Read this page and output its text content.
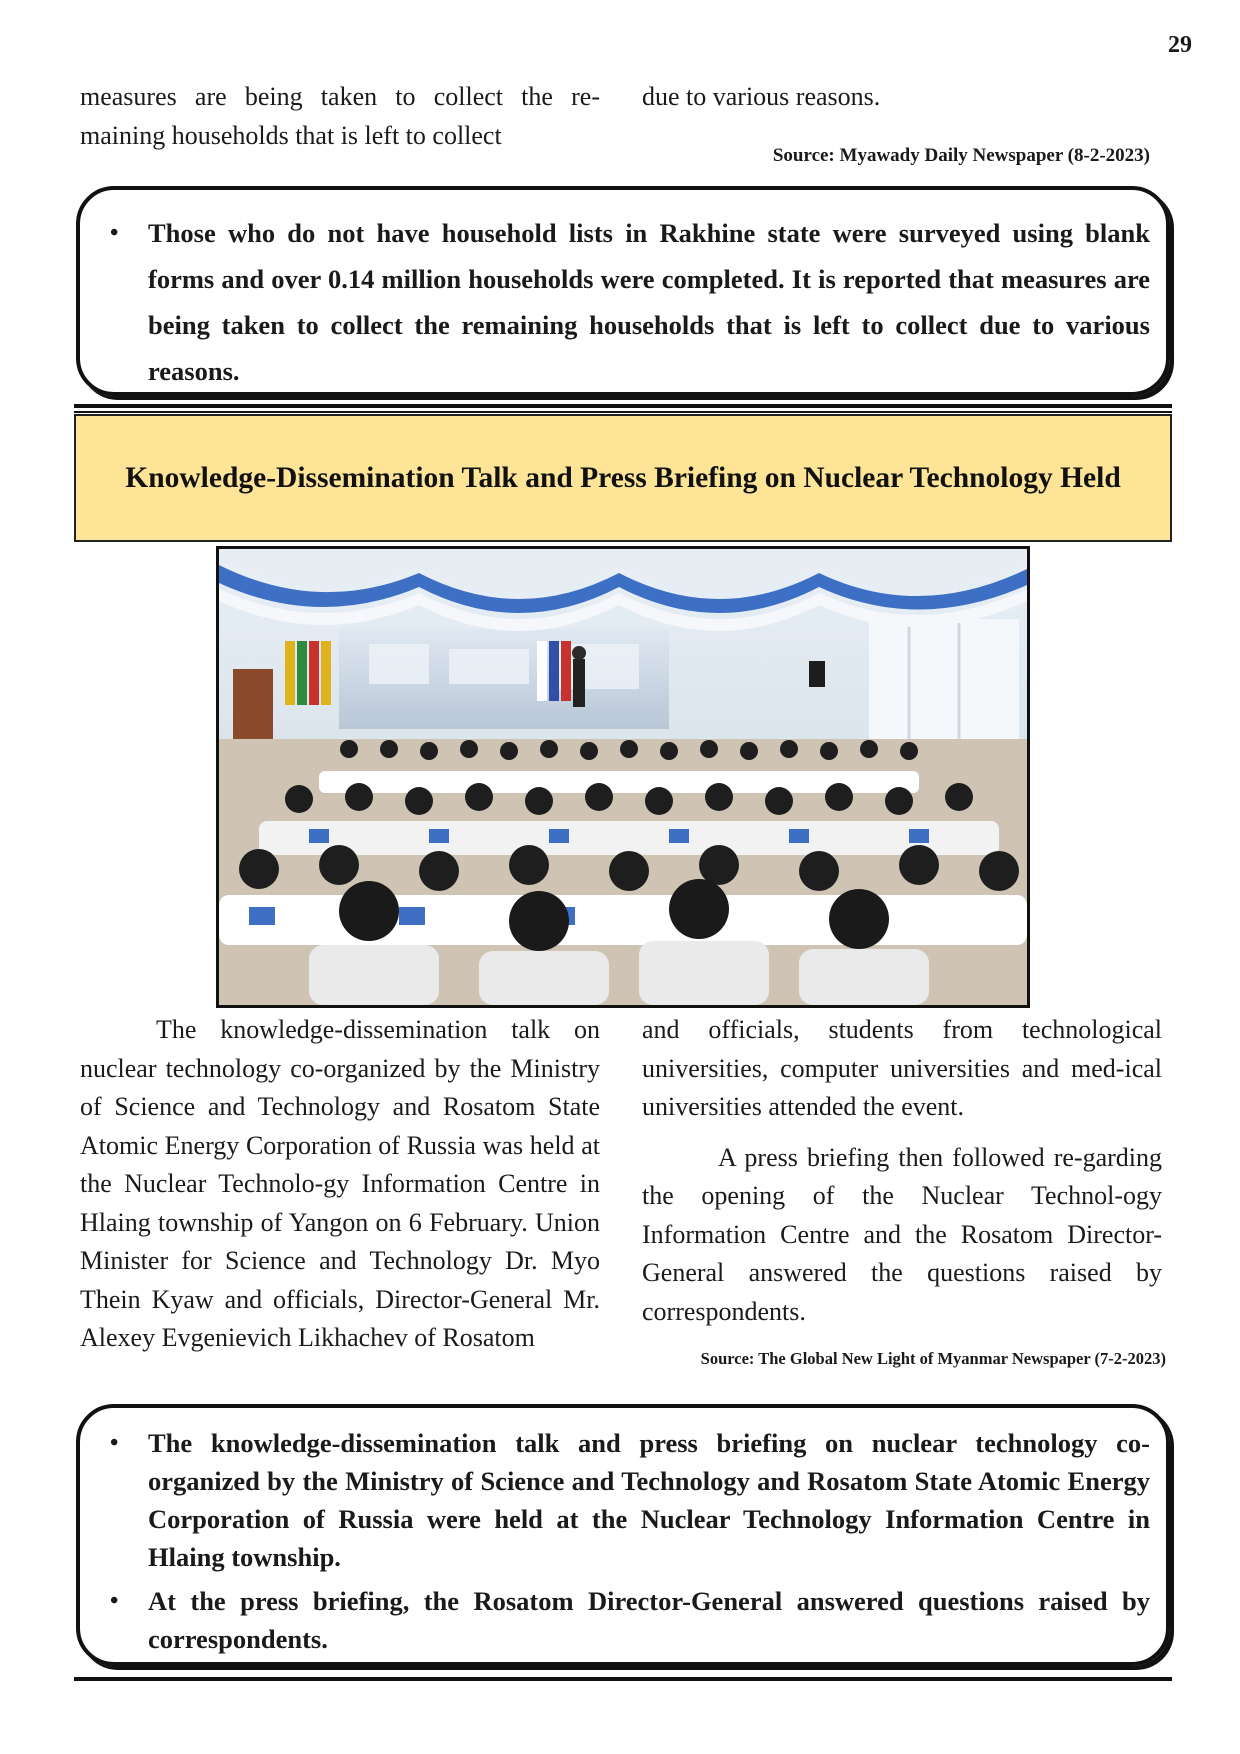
29

measures are being taken to collect the re-maining households that is left to collect

due to various reasons.

Source: Myawady Daily Newspaper (8-2-2023)
• Those who do not have household lists in Rakhine state were surveyed using blank forms and over 0.14 million households were completed. It is reported that measures are being taken to collect the remaining households that is left to collect due to various reasons.
Knowledge-Dissemination Talk and Press Briefing on Nuclear Technology Held

The knowledge-dissemination talk on nuclear technology co-organized by the Ministry of Science and Technology and Rosatom State Atomic Energy Corporation of Russia was held at the Nuclear Technolo-gy Information Centre in Hlaing township of Yangon on 6 February. Union Minister for Science and Technology Dr. Myo Thein Kyaw and officials, Director-General Mr. Alexey Evgenievich Likhachev of Rosatom

and officials, students from technological universities, computer universities and med-ical universities attended the event.

A press briefing then followed re-garding the opening of the Nuclear Technol-ogy Information Centre and the Rosatom Director-General answered the questions raised by correspondents.

Source: The Global New Light of Myanmar Newspaper (7-2-2023)
• The knowledge-dissemination talk and press briefing on nuclear technology co-organized by the Ministry of Science and Technology and Rosatom State Atomic Energy Corporation of Russia were held at the Nuclear Technology Information Centre in Hlaing township.
• At the press briefing, the Rosatom Director-General answered questions raised by correspondents.
